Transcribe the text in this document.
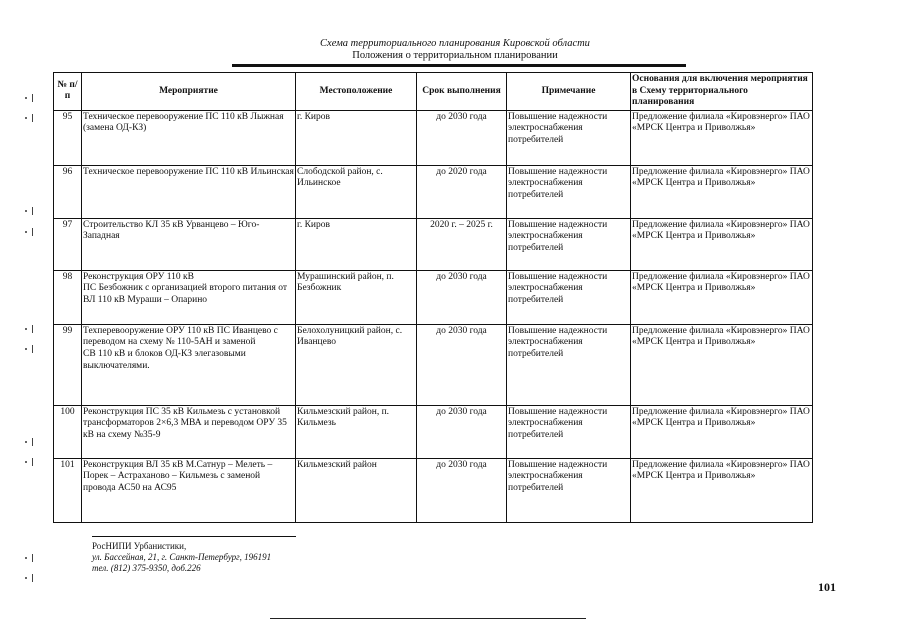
Схема территориального планирования Кировской области
Положения о территориальном планировании
№ п/п	Мероприятие	Местоположение	Срок выполнения	Примечание	Основания для включения мероприятия в Схему территориального планирования
95	Техническое перевооружение ПС 110 кВ Лыжная (замена ОД-КЗ)	г. Киров	до 2030 года	Повышение надежности электроснабжения потребителей	Предложение филиала «Кировэнерго» ПАО «МРСК Центра и Приволжья»
96	Техническое перевооружение ПС 110 кВ Ильинская	Слободской район, с. Ильинское	до 2020 года	Повышение надежности электроснабжения потребителей	Предложение филиала «Кировэнерго» ПАО «МРСК Центра и Приволжья»
97	Строительство КЛ 35 кВ Урванцево – Юго-Западная	г. Киров	2020 г. – 2025 г.	Повышение надежности электроснабжения потребителей	Предложение филиала «Кировэнерго» ПАО «МРСК Центра и Приволжья»
98	Реконструкция ОРУ 110 кВ
ПС Безбожник с организацией второго питания от ВЛ 110 кВ Мураши – Опарино	Мурашинский район, п. Безбожник	до 2030 года	Повышение надежности электроснабжения потребителей	Предложение филиала «Кировэнерго» ПАО «МРСК Центра и Приволжья»
99	Техперевооружение ОРУ 110 кВ ПС Иванцево с переводом на схему № 110-5АН и заменой
СВ 110 кВ и блоков ОД-КЗ элегазовыми выключателями.	Белохолуницкий район, с. Иванцево	до 2030 года	Повышение надежности электроснабжения потребителей	Предложение филиала «Кировэнерго» ПАО «МРСК Центра и Приволжья»
100	Реконструкция ПС 35 кВ Кильмезь с установкой трансформаторов 2×6,3 МВА и переводом ОРУ 35 кВ на схему №35-9	Кильмезский район, п. Кильмезь	до 2030 года	Повышение надежности электроснабжения потребителей	Предложение филиала «Кировэнерго» ПАО «МРСК Центра и Приволжья»
101	Реконструкция ВЛ 35 кВ М.Сатнур – Мелеть – Порек – Астраханово – Кильмезь с заменой провода АС50 на АС95	Кильмезский район	до 2030 года	Повышение надежности электроснабжения потребителей	Предложение филиала «Кировэнерго» ПАО «МРСК Центра и Приволжья»
РосНИПИ Урбанистики,
ул. Бассейная, 21, г. Санкт-Петербург, 196191
тел. (812) 375-9350, доб.226
101
